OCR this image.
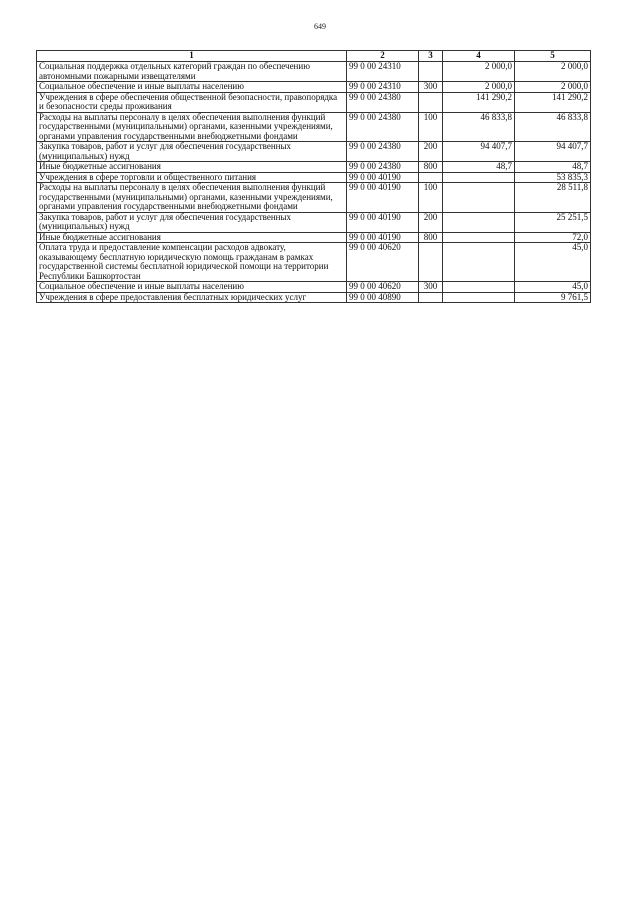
649
1	2	3	4	5
Социальная поддержка отдельных категорий граждан по обеспечению автономными пожарными извещателями	99 0 00 24310		2 000,0	2 000,0
Социальное обеспечение и иные выплаты населению	99 0 00 24310	300	2 000,0	2 000,0
Учреждения в сфере обеспечения общественной безопасности, правопорядка и безопасности среды проживания	99 0 00 24380		141 290,2	141 290,2
Расходы на выплаты персоналу в целях обеспечения выполнения функций государственными (муниципальными) органами, казенными учреждениями, органами управления государственными внебюджетными фондами	99 0 00 24380	100	46 833,8	46 833,8
Закупка товаров, работ и услуг для обеспечения государственных (муниципальных) нужд	99 0 00 24380	200	94 407,7	94 407,7
Иные бюджетные ассигнования	99 0 00 24380	800	48,7	48,7
Учреждения в сфере торговли и общественного питания	99 0 00 40190			53 835,3
Расходы на выплаты персоналу в целях обеспечения выполнения функций государственными (муниципальными) органами, казенными учреждениями, органами управления государственными внебюджетными фондами	99 0 00 40190	100		28 511,8
Закупка товаров, работ и услуг для обеспечения государственных (муниципальных) нужд	99 0 00 40190	200		25 251,5
Иные бюджетные ассигнования	99 0 00 40190	800		72,0
Оплата труда и предоставление компенсации расходов адвокату, оказывающему бесплатную юридическую помощь гражданам в рамках государственной системы бесплатной юридической помощи на территории Республики Башкортостан	99 0 00 40620			45,0
Социальное обеспечение и иные выплаты населению	99 0 00 40620	300		45,0
Учреждения в сфере предоставления бесплатных юридических услуг	99 0 00 40890			9 761,5
